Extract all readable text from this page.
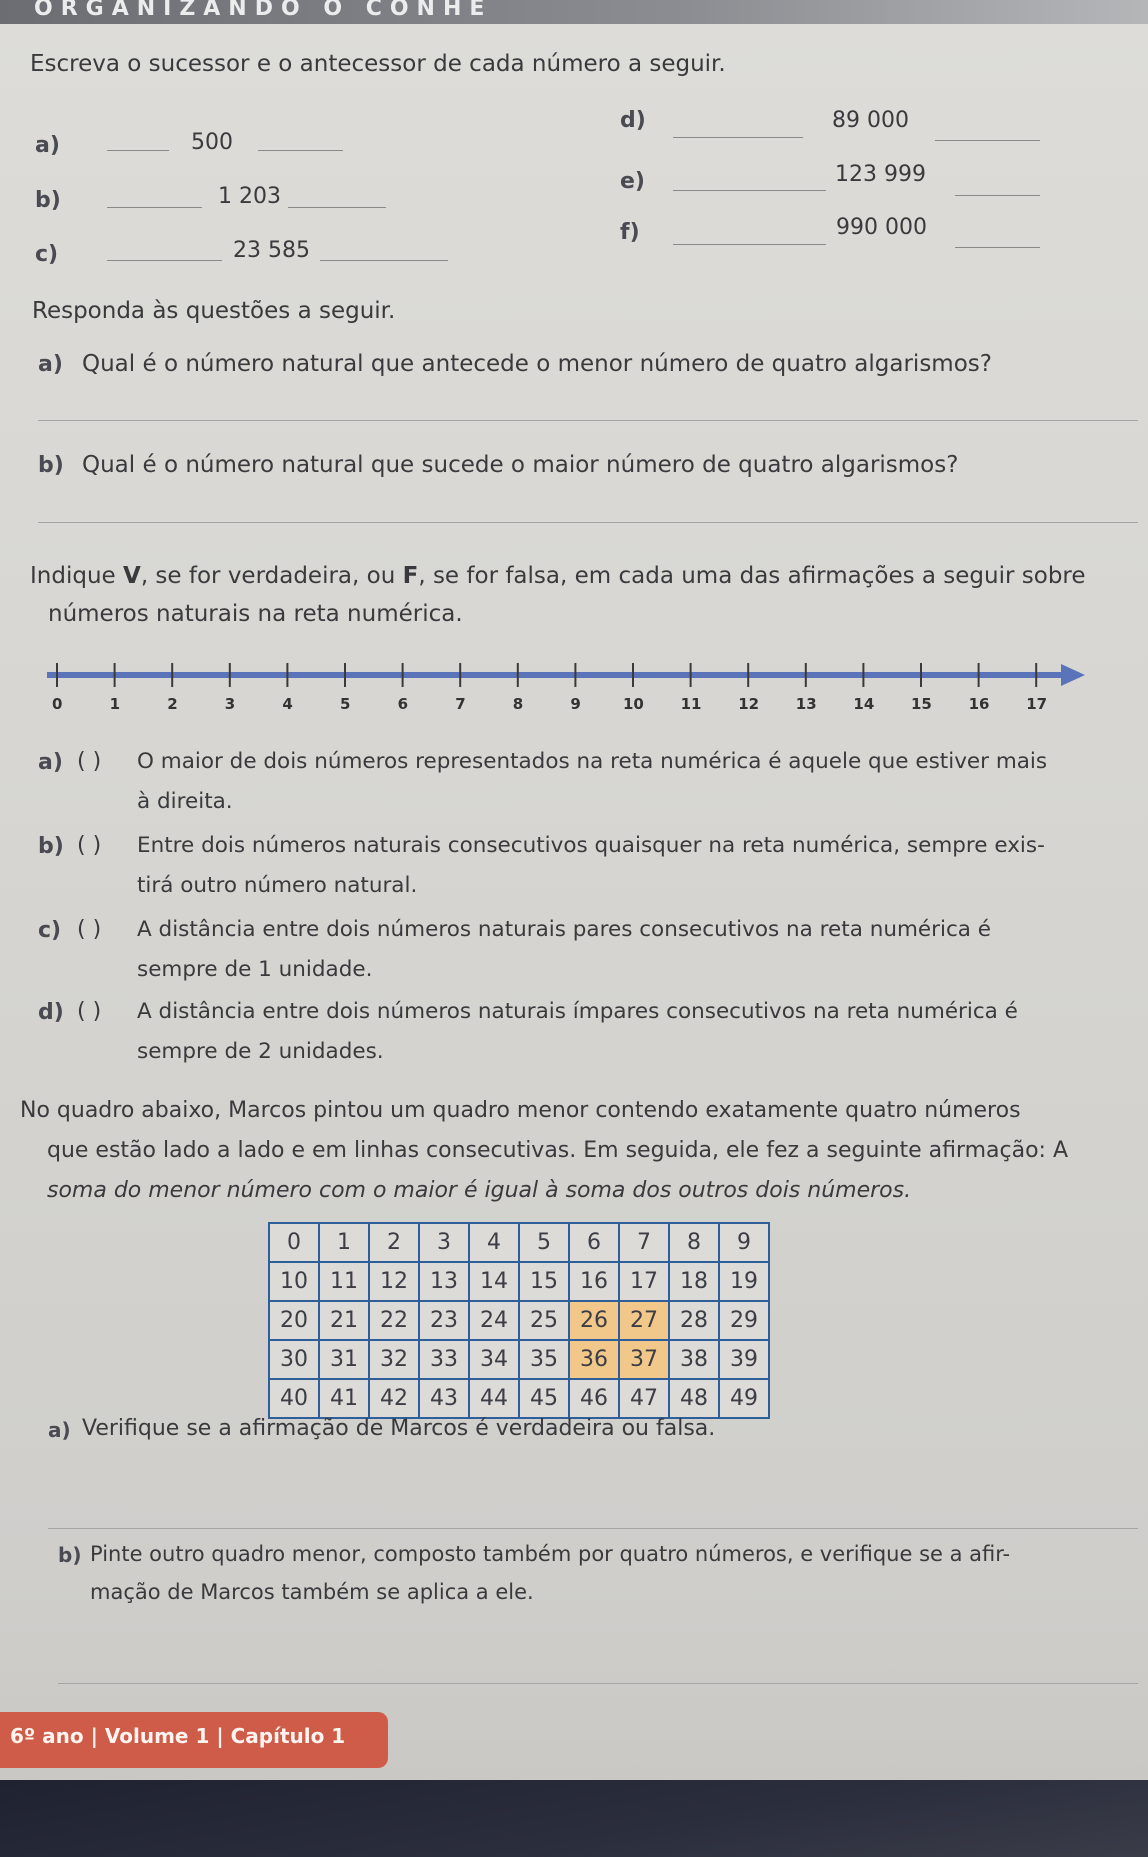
ORGANIZANDO O CONHE
Escreva o sucessor e o antecessor de cada número a seguir.
a)	500
b)	1 203
c)	23 585
d)	89 000
e)	123 999
f)	990 000
Responda às questões a seguir.
a) Qual é o número natural que antecede o menor número de quatro algarismos?
b) Qual é o número natural que sucede o maior número de quatro algarismos?
Indique V, se for verdadeira, ou F, se for falsa, em cada uma das afirmações a seguir sobre
números naturais na reta numérica.
0	1	2	3	4	5	6	7	8	9	10 11 12 13 14 15 16 17
a) ( ) O maior de dois números representados na reta numérica é aquele que estiver mais
à direita.
b) ( ) Entre dois números naturais consecutivos quaisquer na reta numérica, sempre exis-
tirá outro número natural.
c) ( ) A distância entre dois números naturais pares consecutivos na reta numérica é
sempre de 1 unidade.
d) ( ) A distância entre dois números naturais ímpares consecutivos na reta numérica é
sempre de 2 unidades.
No quadro abaixo, Marcos pintou um quadro menor contendo exatamente quatro números
que estão lado a lado e em linhas consecutivas. Em seguida, ele fez a seguinte afirmação: A
soma do menor número com o maior é igual à soma dos outros dois números.
0	1	2	3	4	5	6	7	8	9
10	11	12	13	14	15	16	17	18	19
20	21	22	23	24	25	26	27	28	29
30	31	32	33	34	35	36	37	38	39
40	41	42	43	44	45	46	47	48	49
a) Verifique se a afirmação de Marcos é verdadeira ou falsa.
b) Pinte outro quadro menor, composto também por quatro números, e verifique se a afir-
mação de Marcos também se aplica a ele.
6º ano | Volume 1 | Capítulo 1
